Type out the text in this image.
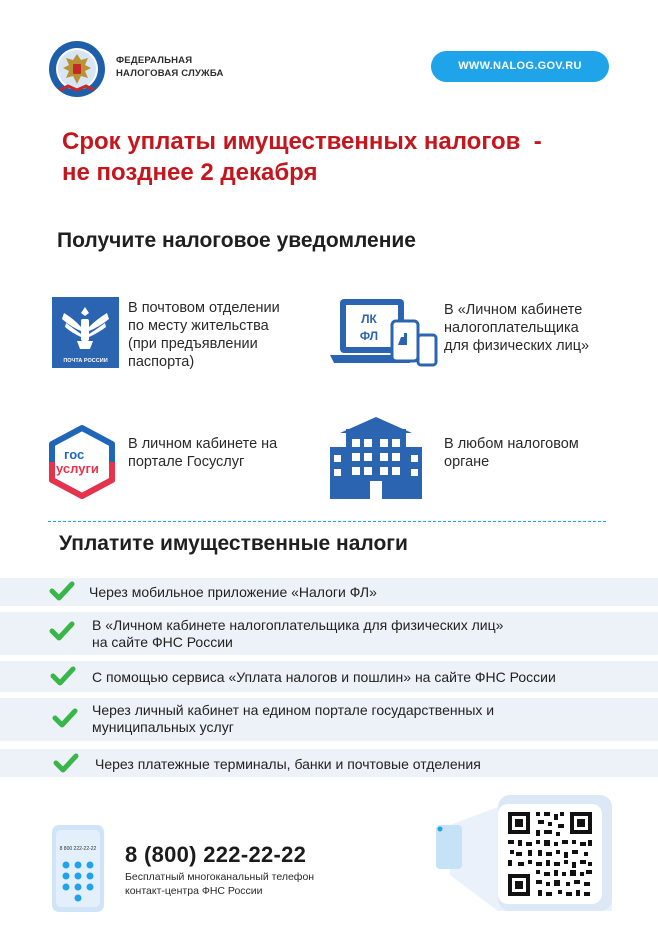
ФЕДЕРАЛЬНАЯ
НАЛОГОВАЯ СЛУЖБА
WWW.NALOG.GOV.RU
Срок уплаты имущественных налогов  -
не позднее 2 декабря
Получите налоговое уведомление
ПОЧТА РОССИИ
В почтовом отделении
по месту жительства
(при предъявлении
паспорта)
ЛК
ФЛ
В «Личном кабинете
налогоплательщика
для физических лиц»
гос
услуги
В личном кабинете на
портале Госуслуг
В любом налоговом
органе
Уплатите имущественные налоги
Через мобильное приложение «Налоги ФЛ»
В «Личном кабинете налогоплательщика для физических лиц»
на сайте ФНС России
С помощью сервиса «Уплата налогов и пошлин» на сайте ФНС России
Через личный кабинет на едином портале государственных и
муниципальных услуг
Через платежные терминалы, банки и почтовые отделения
8 800 222-22-22 8 (800) 222-22-22
Бесплатный многоканальный телефон
контакт-центра ФНС России
